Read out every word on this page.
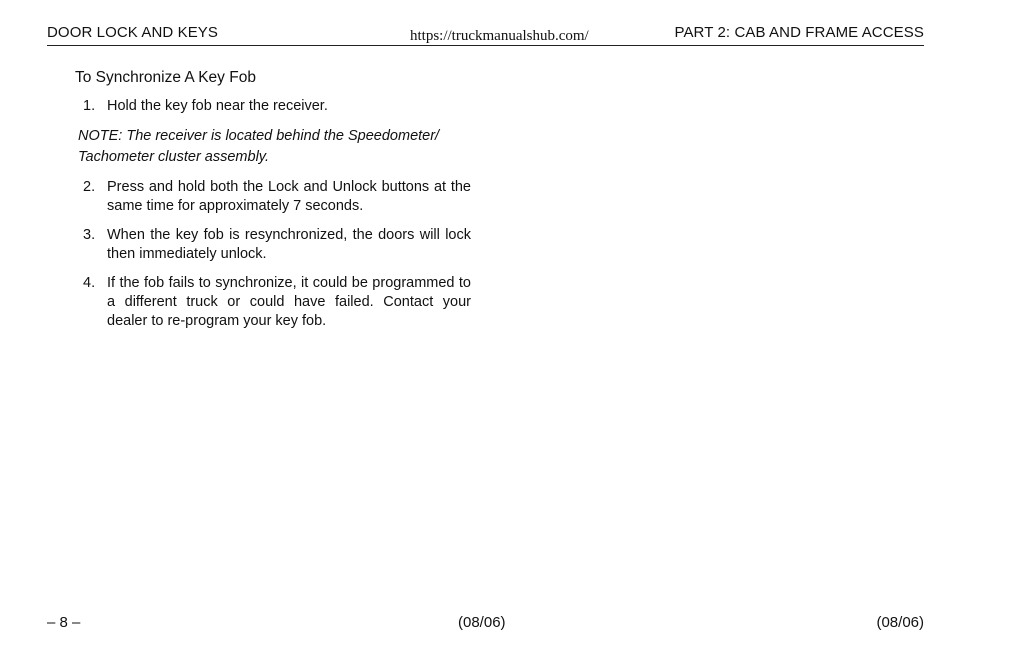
DOOR LOCK AND KEYS	https://truckmanualshub.com/	PART 2: CAB AND FRAME ACCESS
To Synchronize A Key Fob
1. Hold the key fob near the receiver.

NOTE: The receiver is located behind the Speedometer/ Tachometer cluster assembly.

2. Press and hold both the Lock and Unlock buttons at the same time for approximately 7 seconds.
3. When the key fob is resynchronized, the doors will lock then immediately unlock.
4. If the fob fails to synchronize, it could be programmed to a different truck or could have failed. Contact your dealer to re-program your key fob.
– 8 –	(08/06)	(08/06)
